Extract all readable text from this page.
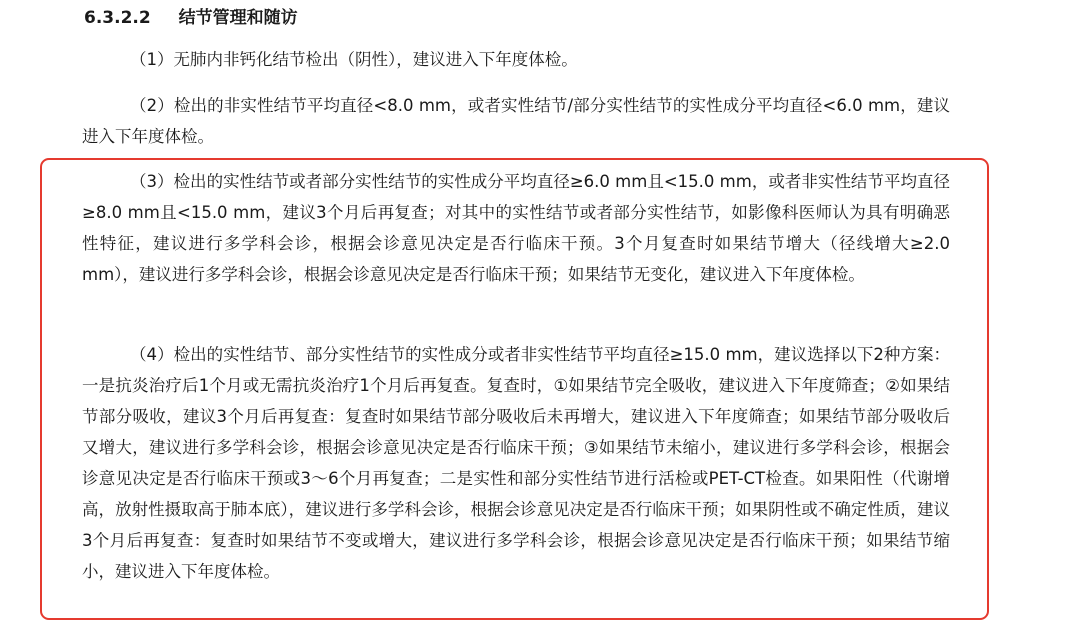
6.3.2.2 结节管理和随访

（1）无肺内非钙化结节检出（阴性），建议进入下年度体检。

（2）检出的非实性结节平均直径<8.0 mm，或者实性结节/部分实性结节的实性成分平均直径<6.0 mm，建议进入下年度体检。

（3）检出的实性结节或者部分实性结节的实性成分平均直径≥6.0 mm且<15.0 mm，或者非实性结节平均直径≥8.0 mm且<15.0 mm，建议3个月后再复查；对其中的实性结节或者部分实性结节，如影像科医师认为具有明确恶性特征，建议进行多学科会诊，根据会诊意见决定是否行临床干预。3个月复查时如果结节增大（径线增大≥2.0 mm），建议进行多学科会诊，根据会诊意见决定是否行临床干预；如果结节无变化，建议进入下年度体检。

（4）检出的实性结节、部分实性结节的实性成分或者非实性结节平均直径≥15.0 mm，建议选择以下2种方案：一是抗炎治疗后1个月或无需抗炎治疗1个月后再复查。复查时，①如果结节完全吸收，建议进入下年度筛查；②如果结节部分吸收，建议3个月后再复查：复查时如果结节部分吸收后未再增大，建议进入下年度筛查；如果结节部分吸收后又增大，建议进行多学科会诊，根据会诊意见决定是否行临床干预；③如果结节未缩小，建议进行多学科会诊，根据会诊意见决定是否行临床干预或3～6个月再复查；二是实性和部分实性结节进行活检或PET-CT检查。如果阳性（代谢增高，放射性摄取高于肺本底），建议进行多学科会诊，根据会诊意见决定是否行临床干预；如果阴性或不确定性质，建议3个月后再复查：复查时如果结节不变或增大，建议进行多学科会诊，根据会诊意见决定是否行临床干预；如果结节缩小，建议进入下年度体检。
